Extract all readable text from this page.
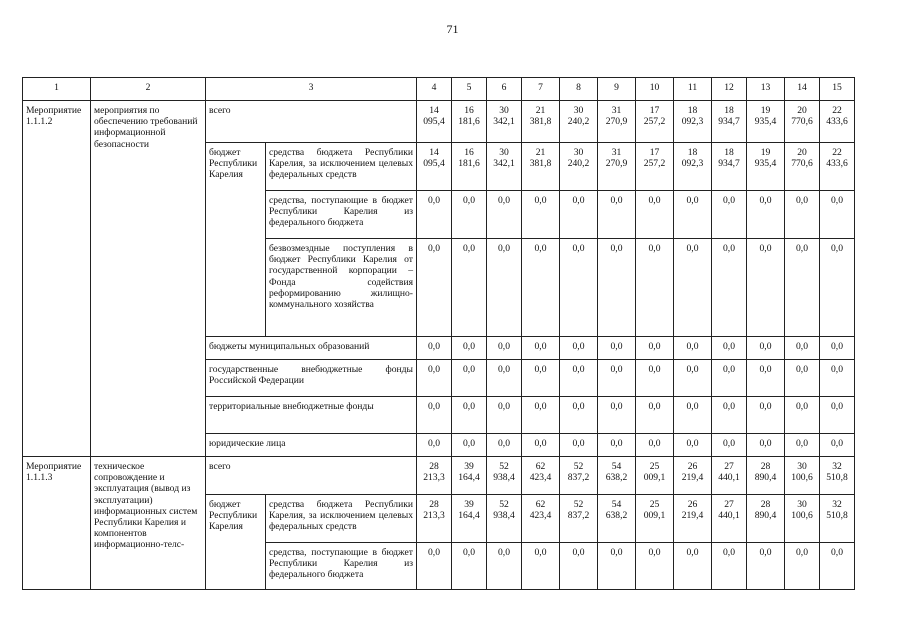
71
1	2	3		4	5	6	7	8	9	10	11	12	13	14	15
Мероприятие 1.1.1.2	мероприятия по обеспечению требований информационной безопасности	всего		14 095,4	16 181,6	30 342,1	21 381,8	30 240,2	31 270,9	17 257,2	18 092,3	18 934,7	19 935,4	20 770,6	22 433,6
		бюджет Республики Карелия	средства бюджета Республики Карелия, за исключением целевых федеральных средств	14 095,4	16 181,6	30 342,1	21 381,8	30 240,2	31 270,9	17 257,2	18 092,3	18 934,7	19 935,4	20 770,6	22 433,6
			средства, поступающие в бюджет Республики Карелия из федерального бюджета	0,0	0,0	0,0	0,0	0,0	0,0	0,0	0,0	0,0	0,0	0,0	0,0
			безвозмездные поступления в бюджет Республики Карелия от государственной корпорации – Фонда содействия реформированию жилищно-коммунального хозяйства	0,0	0,0	0,0	0,0	0,0	0,0	0,0	0,0	0,0	0,0	0,0	0,0
		бюджеты муниципальных образований		0,0	0,0	0,0	0,0	0,0	0,0	0,0	0,0	0,0	0,0	0,0	0,0
		государственные внебюджетные фонды Российской Федерации		0,0	0,0	0,0	0,0	0,0	0,0	0,0	0,0	0,0	0,0	0,0	0,0
		территориальные внебюджетные фонды		0,0	0,0	0,0	0,0	0,0	0,0	0,0	0,0	0,0	0,0	0,0	0,0
		юридические лица		0,0	0,0	0,0	0,0	0,0	0,0	0,0	0,0	0,0	0,0	0,0	0,0
Мероприятие 1.1.1.3	техническое сопровождение и эксплуатация (вывод из эксплуатации) информационных систем Республики Карелия и компонентов информационно-телс-	всего		28 213,3	39 164,4	52 938,4	62 423,4	52 837,2	54 638,2	25 009,1	26 219,4	27 440,1	28 890,4	30 100,6	32 510,8
		бюджет Республики Карелия	средства бюджета Республики Карелия, за исключением целевых федеральных средств	28 213,3	39 164,4	52 938,4	62 423,4	52 837,2	54 638,2	25 009,1	26 219,4	27 440,1	28 890,4	30 100,6	32 510,8
			средства, поступающие в бюджет Республики Карелия из федерального бюджета	0,0	0,0	0,0	0,0	0,0	0,0	0,0	0,0	0,0	0,0	0,0	0,0
